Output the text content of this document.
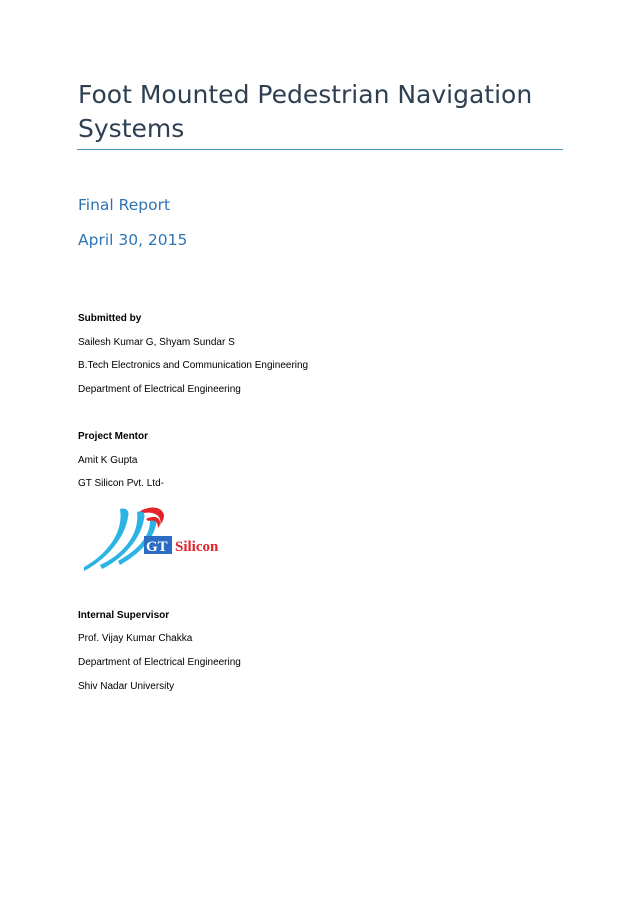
Foot Mounted Pedestrian Navigation Systems
Final Report
April 30, 2015
Submitted by
Sailesh Kumar G, Shyam Sundar S
B.Tech Electronics and Communication Engineering
Department of Electrical Engineering
Project Mentor
Amit K Gupta
GT Silicon Pvt. Ltd-
GT Silicon
Internal Supervisor
Prof. Vijay Kumar Chakka
Department of Electrical Engineering
Shiv Nadar University
